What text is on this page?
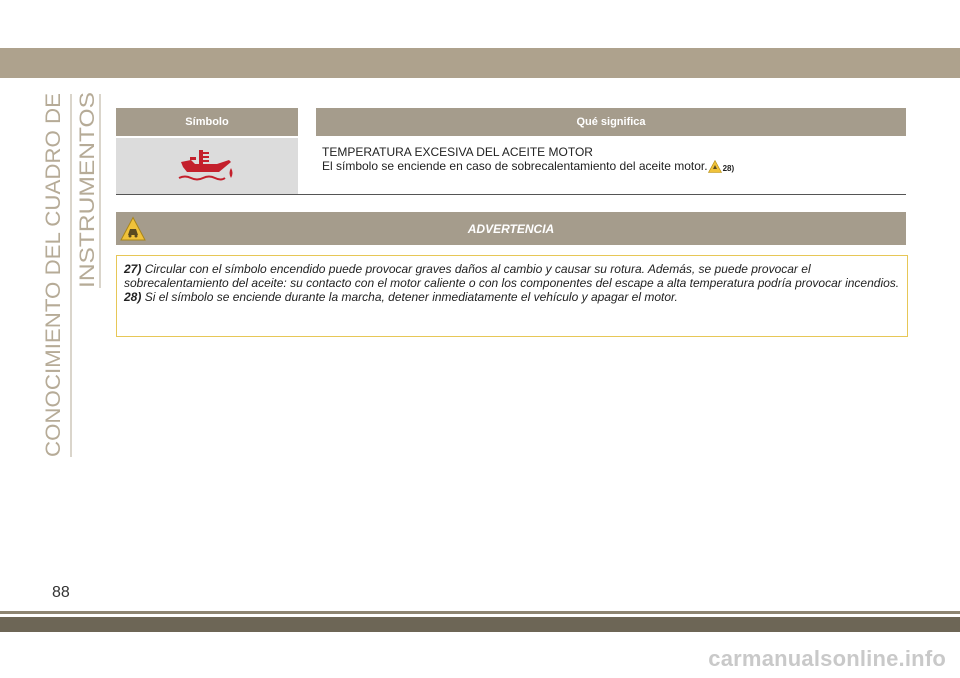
CONOCIMIENTO DEL CUADRO DE INSTRUMENTOS	Símbolo	Qué significa
TEMPERATURA EXCESIVA DEL ACEITE MOTOR
El símbolo se enciende en caso de sobrecalentamiento del aceite motor. 28)
ADVERTENCIA

27) Circular con el símbolo encendido puede provocar graves daños al cambio y causar su rotura. Además, se puede provocar el sobrecalentamiento del aceite: su contacto con el motor caliente o con los componentes del escape a alta temperatura podría provocar incendios.

28) Si el símbolo se enciende durante la marcha, detener inmediatamente el vehículo y apagar el motor.

88
carmanualsonline.info
